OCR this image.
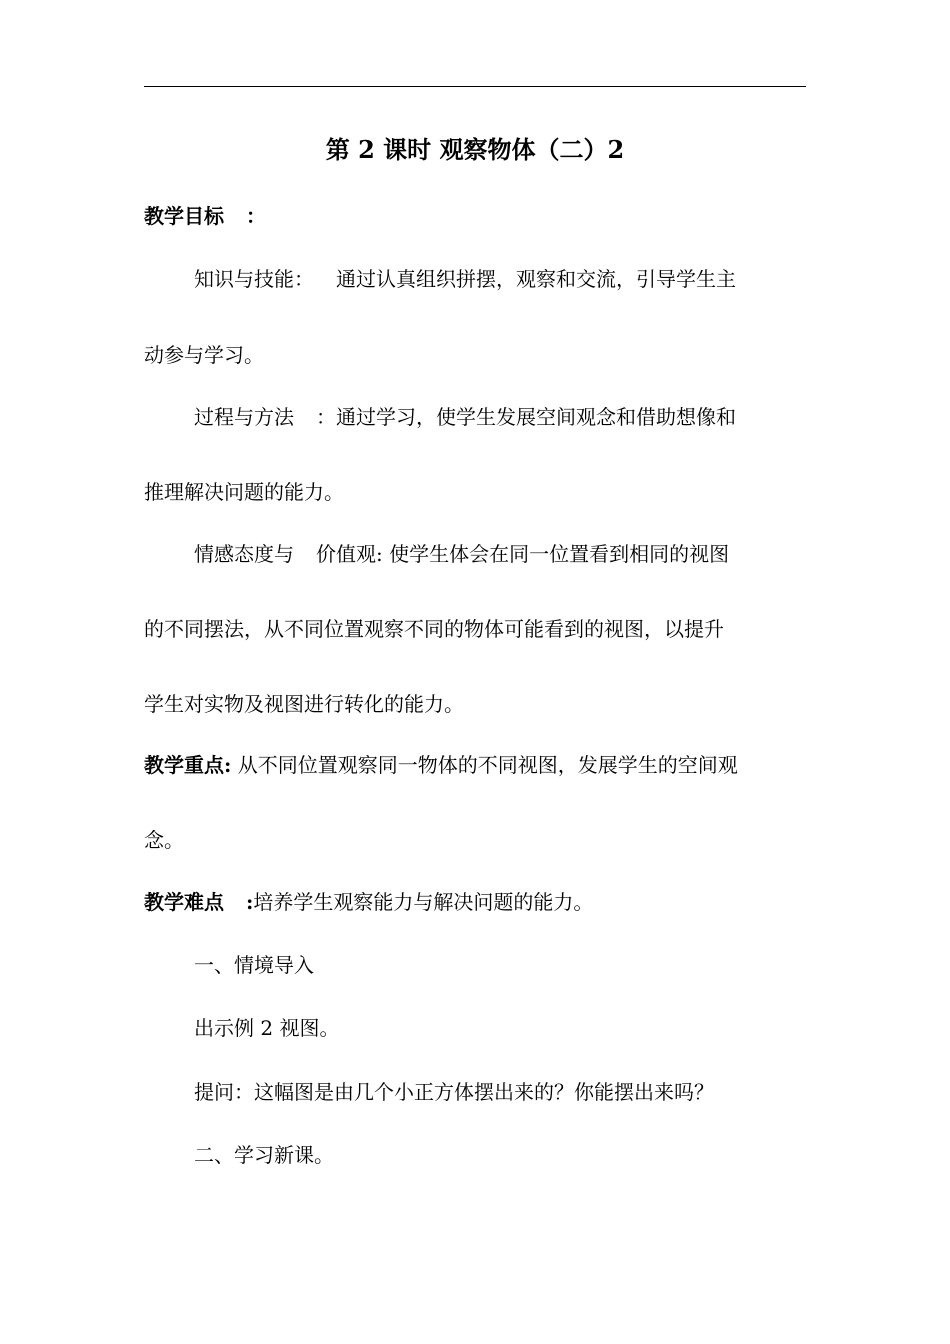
第 2 课时 观察物体（二）2
教学目标 ：
知识与技能： 通过认真组织拼摆，观察和交流，引导学生主
动参与学习。
过程与方法 ：通过学习，使学生发展空间观念和借助想像和
推理解决问题的能力。
情感态度与 价值观: 使学生体会在同一位置看到相同的视图
的不同摆法，从不同位置观察不同的物体可能看到的视图，以提升
学生对实物及视图进行转化的能力。
教学重点: 从不同位置观察同一物体的不同视图，发展学生的空间观
念。
教学难点 :培养学生观察能力与解决问题的能力。
一、情境导入
出示例 2 视图。
提问：这幅图是由几个小正方体摆出来的？你能摆出来吗？
二、学习新课。
